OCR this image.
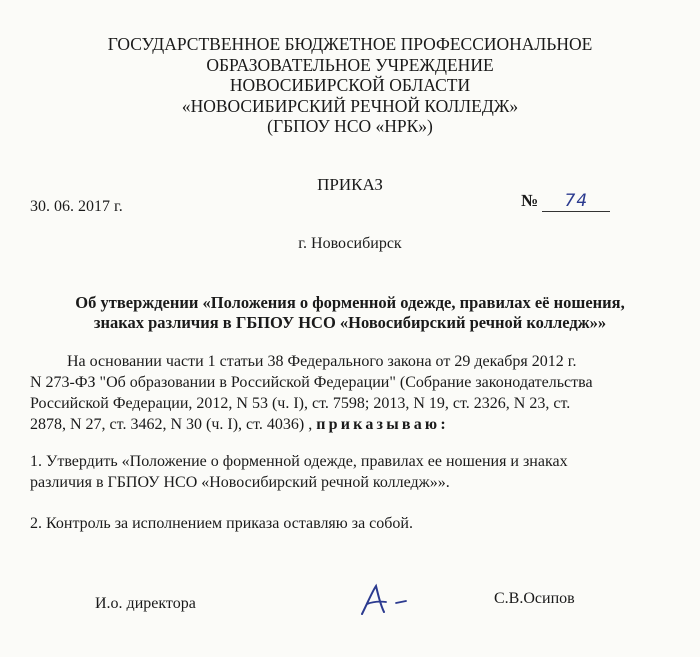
ГОСУДАРСТВЕННОЕ БЮДЖЕТНОЕ ПРОФЕССИОНАЛЬНОЕ
ОБРАЗОВАТЕЛЬНОЕ УЧРЕЖДЕНИЕ
НОВОСИБИРСКОЙ ОБЛАСТИ
«НОВОСИБИРСКИЙ РЕЧНОЙ КОЛЛЕДЖ»
(ГБПОУ НСО «НРК»)
ПРИКАЗ
30. 06. 2017 г.	№ 74
г. Новосибирск
Об утверждении «Положения о форменной одежде, правилах её ношения,
знаках различия в ГБПОУ НСО «Новосибирский речной колледж»»
На основании части 1 статьи 38 Федерального закона от 29 декабря 2012 г.
N 273-ФЗ "Об образовании в Российской Федерации" (Собрание законодательства
Российской Федерации, 2012, N 53 (ч. I), ст. 7598; 2013, N 19, ст. 2326, N 23, ст.
2878, N 27, ст. 3462, N 30 (ч. I), ст. 4036) , приказываю:
1. Утвердить «Положение о форменной одежде, правилах ее ношения и знаках
различия в ГБПОУ НСО «Новосибирский речной колледж»».
2. Контроль за исполнением приказа оставляю за собой.
И.о. директора	С.В.Осипов
